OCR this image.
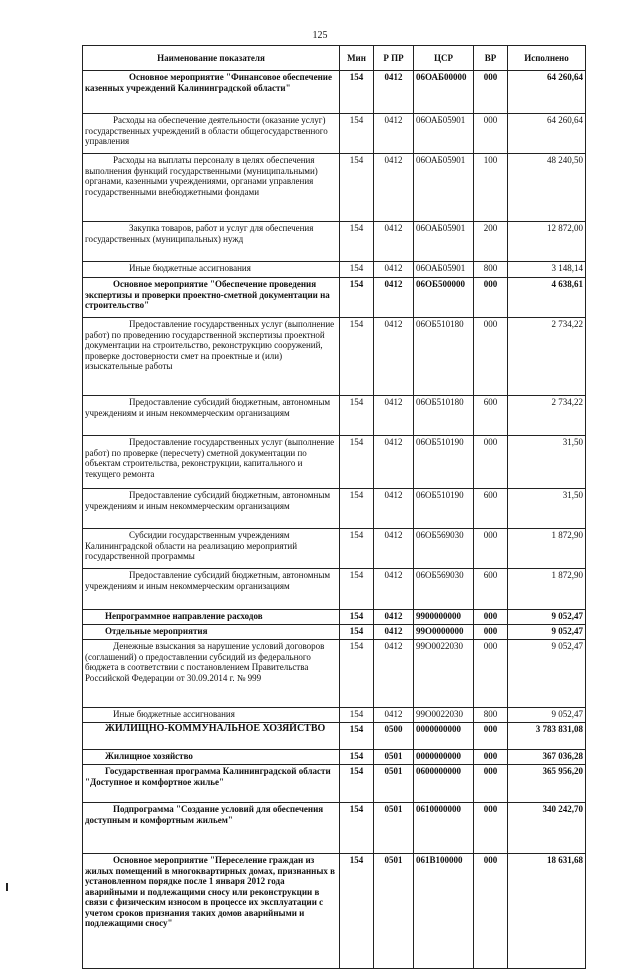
125
Наименование показателя	Мин	Р ПР	ЦСР	ВР	Исполнено
Основное мероприятие "Финансовое обеспечение казенных учреждений Калининградской области"	154	0412	06ОАБ00000	000	64 260,64
Расходы на обеспечение деятельности (оказание услуг) государственных учреждений в области общегосударственного управления	154	0412	06ОАБ05901	000	64 260,64
Расходы на выплаты персоналу в целях обеспечения выполнения функций государственными (муниципальными) органами, казенными учреждениями, органами управления государственными внебюджетными фондами	154	0412	06ОАБ05901	100	48 240,50
Закупка товаров, работ и услуг для обеспечения государственных (муниципальных) нужд	154	0412	06ОАБ05901	200	12 872,00
Иные бюджетные ассигнования	154	0412	06ОАБ05901	800	3 148,14
Основное мероприятие "Обеспечение проведения экспертизы и проверки проектно-сметной документации на строительство"	154	0412	06ОБ500000	000	4 638,61
Предоставление государственных услуг (выполнение работ) по проведению государственной экспертизы проектной документации на строительство, реконструкцию сооружений, проверке достоверности смет на проектные и (или) изыскательные работы	154	0412	06ОБ510180	000	2 734,22
Предоставление субсидий бюджетным, автономным учреждениям и иным некоммерческим организациям	154	0412	06ОБ510180	600	2 734,22
Предоставление государственных услуг (выполнение работ) по проверке (пересчету) сметной документации по объектам строительства, реконструкции, капитального и текущего ремонта	154	0412	06ОБ510190	000	31,50
Предоставление субсидий бюджетным, автономным учреждениям и иным некоммерческим организациям	154	0412	06ОБ510190	600	31,50
Субсидии государственным учреждениям Калининградской области на реализацию мероприятий государственной программы	154	0412	06ОБ569030	000	1 872,90
Предоставление субсидий бюджетным, автономным учреждениям и иным некоммерческим организациям	154	0412	06ОБ569030	600	1 872,90
Непрограммное направление расходов	154	0412	9900000000	000	9 052,47
Отдельные мероприятия	154	0412	99О0000000	000	9 052,47
Денежные взыскания за нарушение условий договоров (соглашений) о предоставлении субсидий из федерального бюджета в соответствии с постановлением Правительства Российской Федерации от 30.09.2014 г. № 999	154	0412	99О0022030	000	9 052,47
Иные бюджетные ассигнования	154	0412	99О0022030	800	9 052,47
ЖИЛИЩНО-КОММУНАЛЬНОЕ ХОЗЯЙСТВО	154	0500	0000000000	000	3 783 831,08
Жилищное хозяйство	154	0501	0000000000	000	367 036,28
Государственная программа Калининградской области "Доступное и комфортное жилье"	154	0501	0600000000	000	365 956,20
Подпрограмма "Создание условий для обеспечения доступным и комфортным жильем"	154	0501	0610000000	000	340 242,70
Основное мероприятие "Переселение граждан из жилых помещений в многоквартирных домах, признанных в установленном порядке после 1 января 2012 года аварийными и подлежащими сносу или реконструкции в связи с физическим износом в процессе их эксплуатации с учетом сроков признания таких домов аварийными и подлежащими сносу"	154	0501	061В100000	000	18 631,68
